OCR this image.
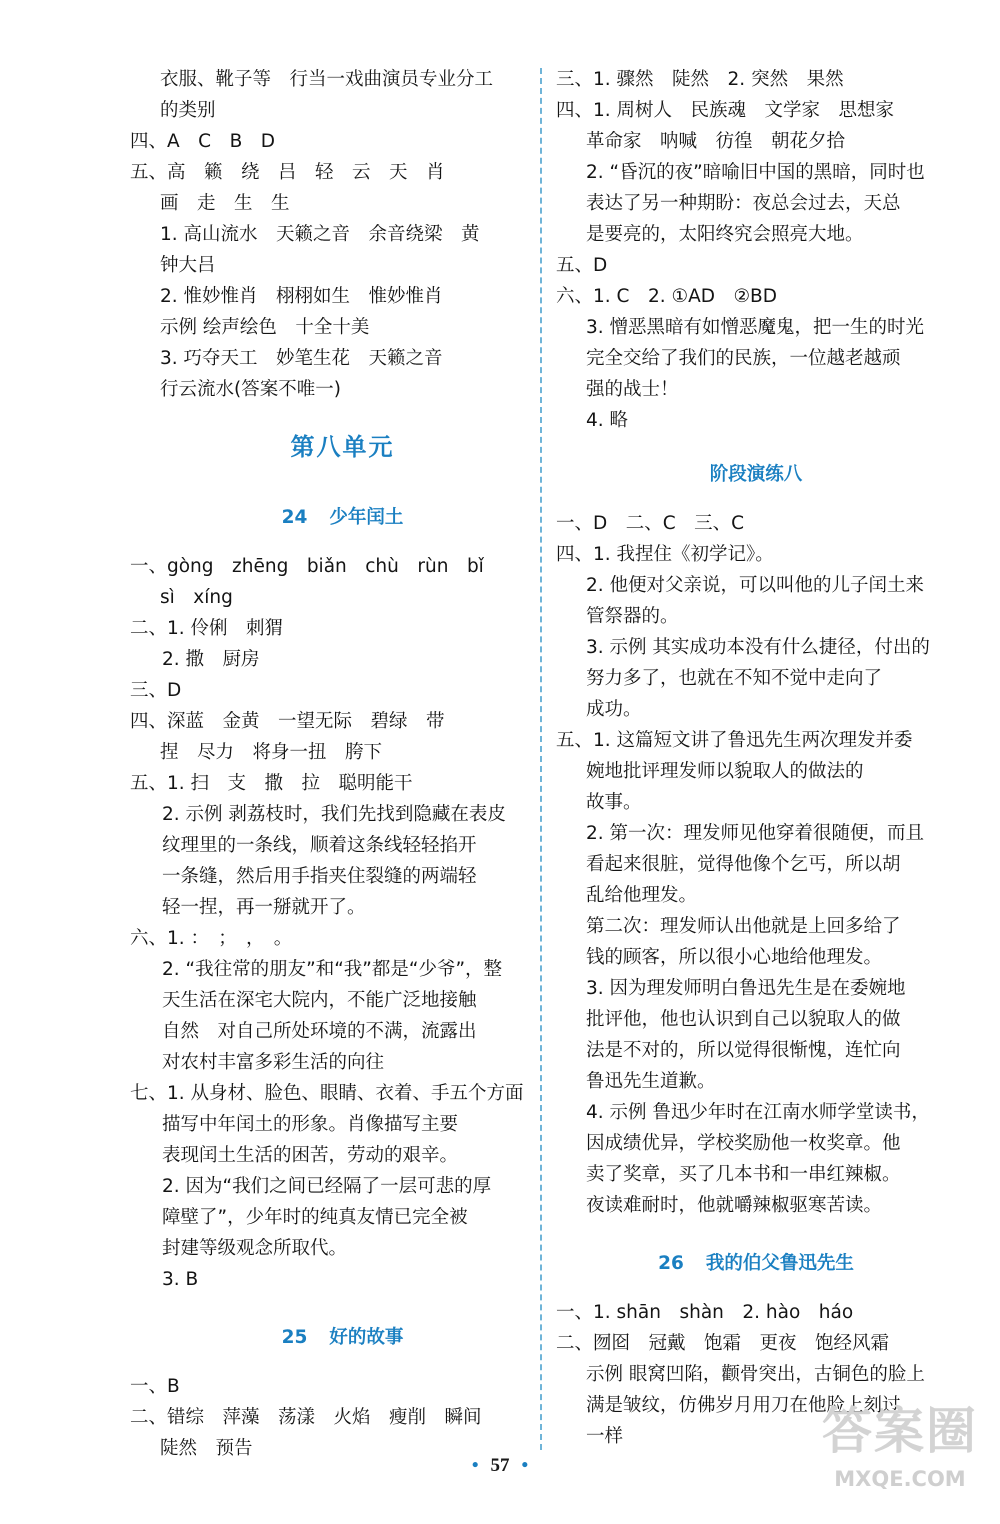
衣服、靴子等　行当一戏曲演员专业分工
的类别
四、A　C　B　D
五、高　籁　绕　吕　轻　云　天　肖
画　走　生　生
1. 高山流水　天籁之音　余音绕梁　黄
钟大吕
2. 惟妙惟肖　栩栩如生　惟妙惟肖
示例 绘声绘色　十全十美
3. 巧夺天工　妙笔生花　天籁之音
行云流水(答案不唯一)
第八单元
24 少年闰土
一、gòng　zhēng　biǎn　chù　rùn　bǐ
sì　xíng
二、1. 伶俐　刺猬
2. 撒　厨房
三、D
四、深蓝　金黄　一望无际　碧绿　带
捏　尽力　将身一扭　胯下
五、1. 扫　支　撒　拉　聪明能干
2. 示例 剥荔枝时，我们先找到隐藏在表皮
纹理里的一条线，顺着这条线轻轻掐开
一条缝，然后用手指夹住裂缝的两端轻
轻一捏，再一掰就开了。
六、1. ：　；　，　。
2. “我往常的朋友”和“我”都是“少爷”，整
天生活在深宅大院内，不能广泛地接触
自然　对自己所处环境的不满，流露出
对农村丰富多彩生活的向往
七、1. 从身材、脸色、眼睛、衣着、手五个方面
描写中年闰土的形象。肖像描写主要
表现闰土生活的困苦，劳动的艰辛。
2. 因为“我们之间已经隔了一层可悲的厚
障壁了”，少年时的纯真友情已完全被
封建等级观念所取代。
3. B
25 好的故事
一、B
二、错综　萍藻　荡漾　火焰　瘦削　瞬间
陡然　预告
三、1. 骤然　陡然　2. 突然　果然
四、1. 周树人　民族魂　文学家　思想家
革命家　呐喊　彷徨　朝花夕拾
2. “昏沉的夜”暗喻旧中国的黑暗，同时也
表达了另一种期盼：夜总会过去，天总
是要亮的，太阳终究会照亮大地。
五、D
六、1. C　2. ①AD　②BD
3. 憎恶黑暗有如憎恶魔鬼，把一生的时光
完全交给了我们的民族，一位越老越顽
强的战士！
4. 略
阶段演练八
一、D　二、C　三、C
四、1. 我捏住《初学记》。
2. 他便对父亲说，可以叫他的儿子闰土来
管祭器的。
3. 示例 其实成功本没有什么捷径，付出的
努力多了，也就在不知不觉中走向了
成功。
五、1. 这篇短文讲了鲁迅先生两次理发并委
婉地批评理发师以貌取人的做法的
故事。
2. 第一次：理发师见他穿着很随便，而且
看起来很脏，觉得他像个乞丐，所以胡
乱给他理发。
第二次：理发师认出他就是上回多给了
钱的顾客，所以很小心地给他理发。
3. 因为理发师明白鲁迅先生是在委婉地
批评他，他也认识到自己以貌取人的做
法是不对的，所以觉得很惭愧，连忙向
鲁迅先生道歉。
4. 示例 鲁迅少年时在江南水师学堂读书，
因成绩优异，学校奖励他一枚奖章。他
卖了奖章，买了几本书和一串红辣椒。
夜读难耐时，他就嚼辣椒驱寒苦读。
26 我的伯父鲁迅先生
一、1. shān　shàn　2. hào　háo
二、囫囵　冠戴　饱霜　更夜　饱经风霜
示例 眼窝凹陷，颧骨突出，古铜色的脸上
满是皱纹，仿佛岁月用刀在他脸上刻过
一样
• 57 •
答案圈
MXQE.COM
